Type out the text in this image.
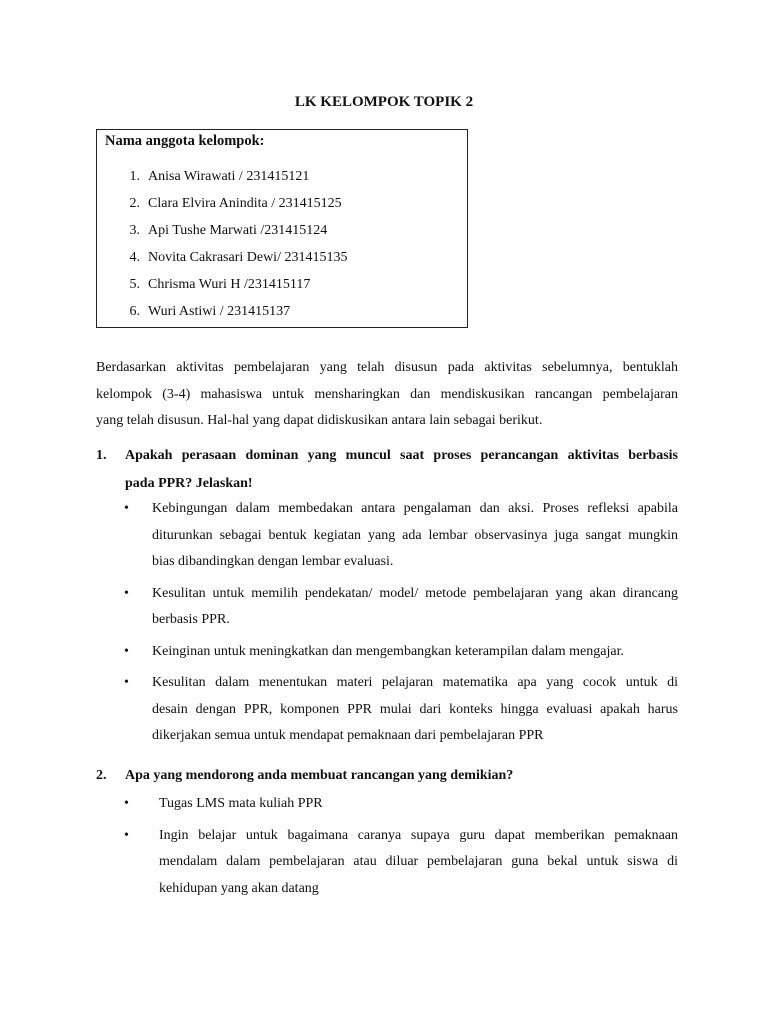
LK KELOMPOK TOPIK 2
Nama anggota kelompok:
1. Anisa Wirawati / 231415121
2. Clara Elvira Anindita / 231415125
3. Api Tushe Marwati /231415124
4. Novita Cakrasari Dewi/ 231415135
5. Chrisma Wuri H /231415117
6. Wuri Astiwi / 231415137
Berdasarkan aktivitas pembelajaran yang telah disusun pada aktivitas sebelumnya, bentuklah
kelompok (3-4) mahasiswa untuk mensharingkan dan mendiskusikan rancangan pembelajaran
yang telah disusun. Hal-hal yang dapat didiskusikan antara lain sebagai berikut.
1.	Apakah perasaan dominan yang muncul saat proses perancangan aktivitas berbasis
pada PPR? Jelaskan!
•	Kebingungan dalam membedakan antara pengalaman dan aksi. Proses refleksi apabila
diturunkan sebagai bentuk kegiatan yang ada lembar observasinya juga sangat mungkin
bias dibandingkan dengan lembar evaluasi.
•	Kesulitan untuk memilih pendekatan/ model/ metode pembelajaran yang akan dirancang
berbasis PPR.
•	Keinginan untuk meningkatkan dan mengembangkan keterampilan dalam mengajar.
•	Kesulitan dalam menentukan materi pelajaran matematika apa yang cocok untuk di
desain dengan PPR, komponen PPR mulai dari konteks hingga evaluasi apakah harus
dikerjakan semua untuk mendapat pemaknaan dari pembelajaran PPR
2.	Apa yang mendorong anda membuat rancangan yang demikian?
•	Tugas LMS mata kuliah PPR
•	Ingin belajar untuk bagaimana caranya supaya guru dapat memberikan pemaknaan
mendalam dalam pembelajaran atau diluar pembelajaran guna bekal untuk siswa di
kehidupan yang akan datang
